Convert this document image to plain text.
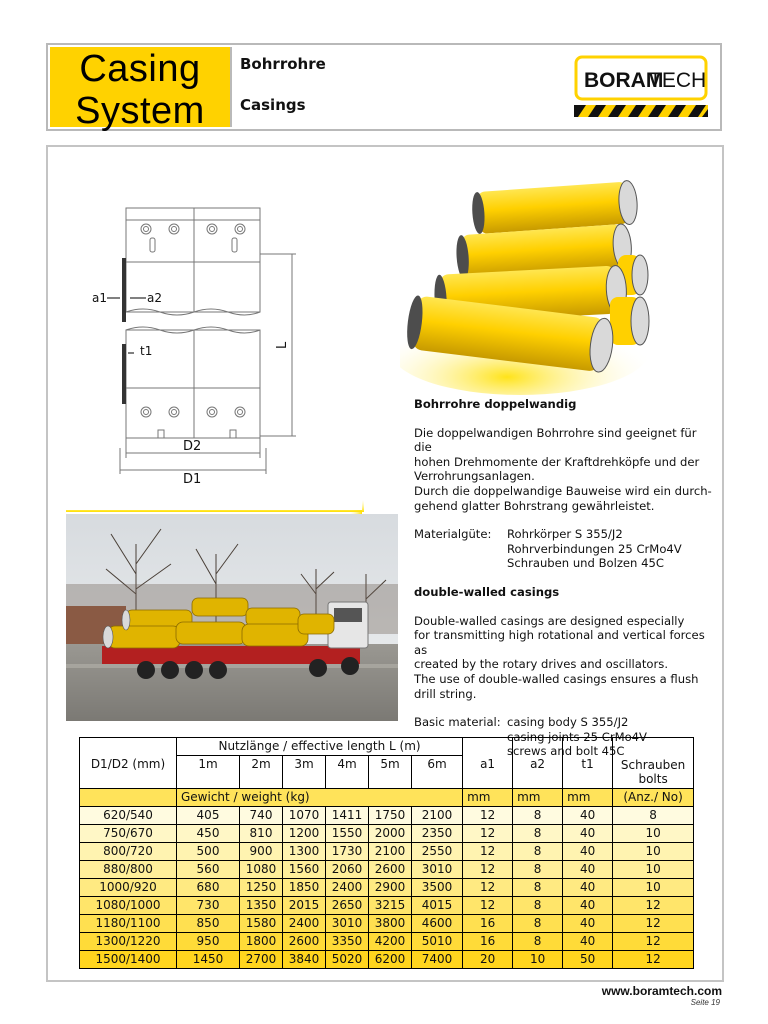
Casing
System
Bohrrohre
Casings
BORAM
TECH
a1	a2
t1	L
D2
D1
Bohrrohre doppelwandig
Die doppelwandigen Bohrrohre sind geeignet für die
hohen Drehmomente der Kraftdrehköpfe und der
Verrohrungsanlagen.
Durch die doppelwandige Bauweise wird ein durch-
gehend glatter Bohrstrang gewährleistet.
Materialgüte:	Rohrkörper S 355/J2
Rohrverbindungen 25 CrMo4V
Schrauben und Bolzen 45C
double-walled casings
Double-walled casings are designed especially
for transmitting high rotational and vertical forces as
created by the rotary drives and oscillators.
The use of double-walled casings ensures a flush
drill string.
Basic material: casing body S 355/J2
casing joints 25 CrMo4V
screws and bolt 45C
	Nutzlänge / effective length L (m)									
D1/D2 (mm)	1m	2m	3m	4m	5m	6m	a1	a2	t1	Schrauben
bolts

	Gewicht / weight (kg)						mm	mm	mm	(Anz./ No)
620/540	405	740	1070	1411	1750	2100	12	8	40	8
750/670	450	810	1200	1550	2000	2350	12	8	40	10
800/720	500	900	1300	1730	2100	2550	12	8	40	10
880/800	560	1080	1560	2060	2600	3010	12	8	40	10
1000/920	680	1250	1850	2400	2900	3500	12	8	40	10
1080/1000	730	1350	2015	2650	3215	4015	12	8	40	12
1180/1100	850	1580	2400	3010	3800	4600	16	8	40	12
1300/1220	950	1800	2600	3350	4200	5010	16	8	40	12
1500/1400	1450	2700	3840	5020	6200	7400	20	10	50	12
www.boramtech.com
Seite 19
